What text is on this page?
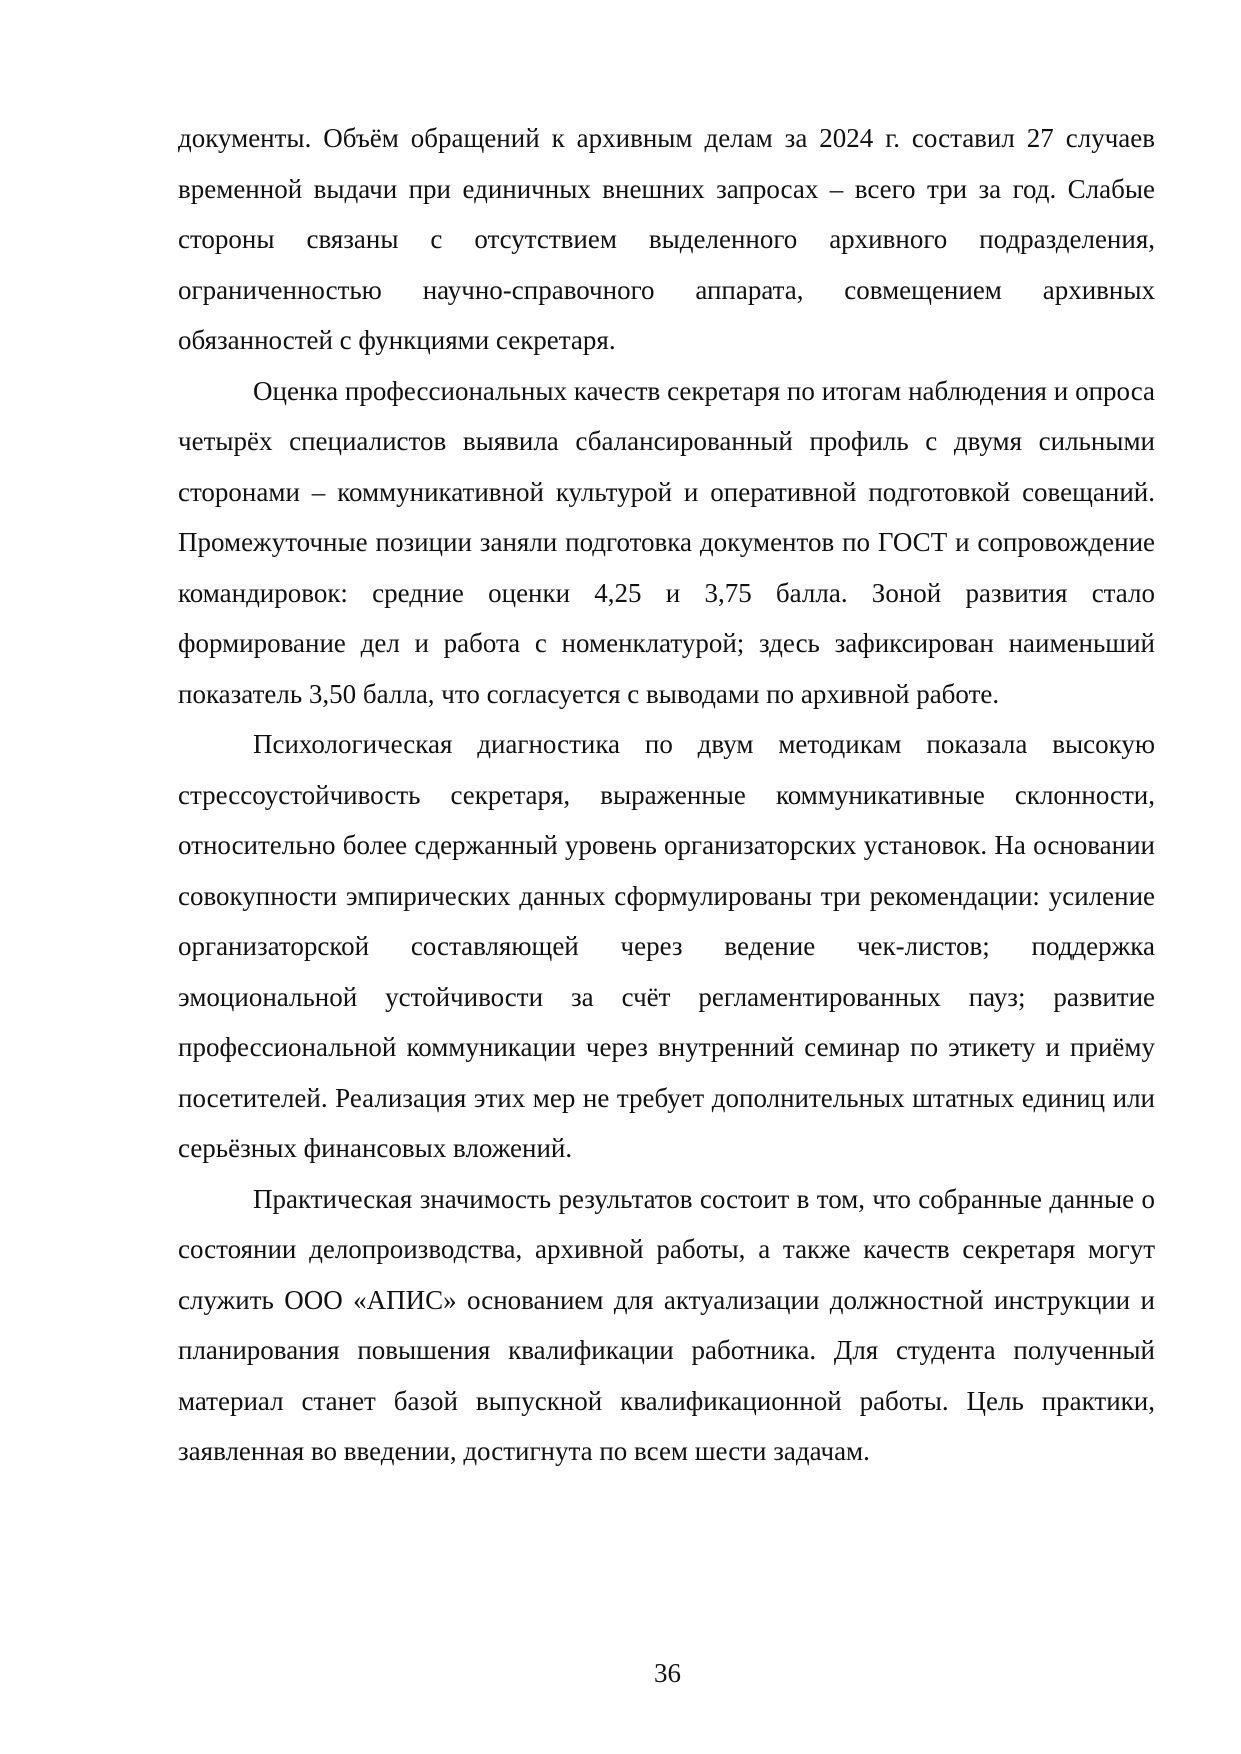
документы. Объём обращений к архивным делам за 2024 г. составил 27 случаев временной выдачи при единичных внешних запросах – всего три за год. Слабые стороны связаны с отсутствием выделенного архивного подразделения, ограниченностью научно-справочного аппарата, совмещением архивных обязанностей с функциями секретаря.

Оценка профессиональных качеств секретаря по итогам наблюдения и опроса четырёх специалистов выявила сбалансированный профиль с двумя сильными сторонами – коммуникативной культурой и оперативной подготовкой совещаний. Промежуточные позиции заняли подготовка документов по ГОСТ и сопровождение командировок: средние оценки 4,25 и 3,75 балла. Зоной развития стало формирование дел и работа с номенклатурой; здесь зафиксирован наименьший показатель 3,50 балла, что согласуется с выводами по архивной работе.

Психологическая диагностика по двум методикам показала высокую стрессоустойчивость секретаря, выраженные коммуникативные склонности, относительно более сдержанный уровень организаторских установок. На основании совокупности эмпирических данных сформулированы три рекомендации: усиление организаторской составляющей через ведение чек-листов; поддержка эмоциональной устойчивости за счёт регламентированных пауз; развитие профессиональной коммуникации через внутренний семинар по этикету и приёму посетителей. Реализация этих мер не требует дополнительных штатных единиц или серьёзных финансовых вложений.

Практическая значимость результатов состоит в том, что собранные данные о состоянии делопроизводства, архивной работы, а также качеств секретаря могут служить ООО «АПИС» основанием для актуализации должностной инструкции и планирования повышения квалификации работника. Для студента полученный материал станет базой выпускной квалификационной работы. Цель практики, заявленная во введении, достигнута по всем шести задачам.

36
